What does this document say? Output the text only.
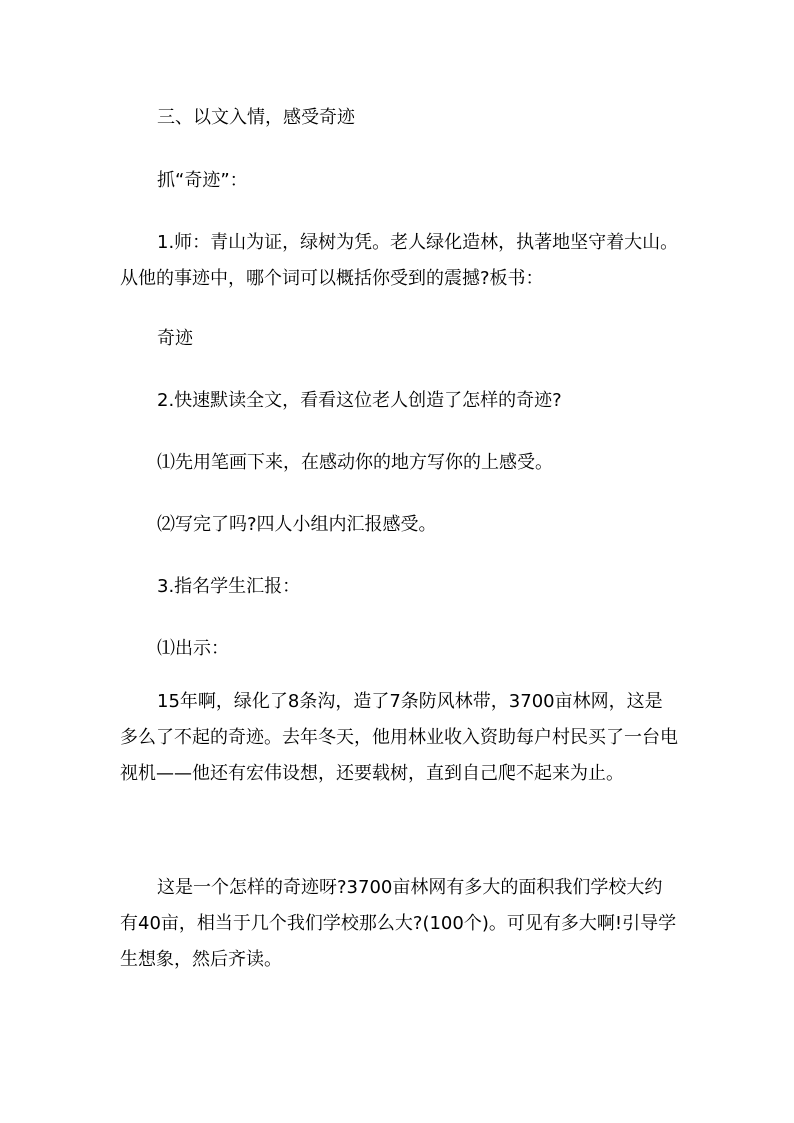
三、以文入情，感受奇迹

抓“奇迹”：

1.师：青山为证，绿树为凭。老人绿化造林，执著地坚守着大山。从他的事迹中，哪个词可以概括你受到的震撼?板书：

奇迹

2.快速默读全文，看看这位老人创造了怎样的奇迹?

⑴先用笔画下来，在感动你的地方写你的上感受。

⑵写完了吗?四人小组内汇报感受。

3.指名学生汇报：

⑴出示：

15年啊，绿化了8条沟，造了7条防风林带，3700亩林网，这是多么了不起的奇迹。去年冬天，他用林业收入资助每户村民买了一台电视机——他还有宏伟设想，还要载树，直到自己爬不起来为止。

这是一个怎样的奇迹呀?3700亩林网有多大的面积我们学校大约有40亩，相当于几个我们学校那么大?(100个)。可见有多大啊!引导学生想象，然后齐读。
